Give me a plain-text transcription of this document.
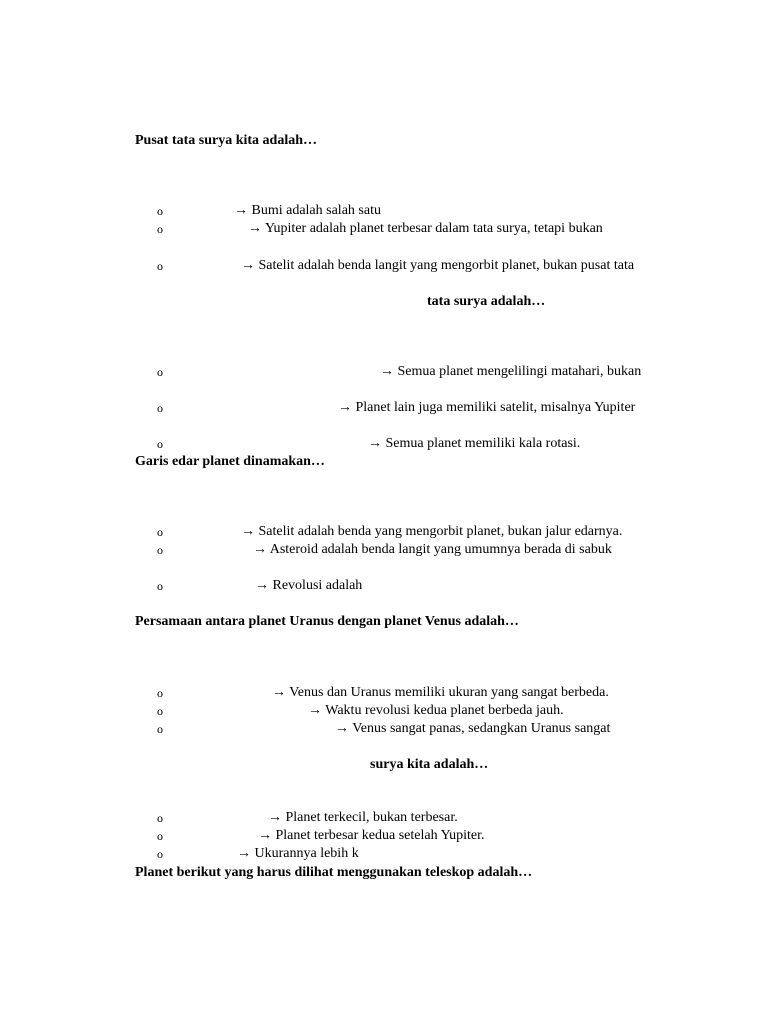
Pusat tata surya kita adalah…
o	→ Bumi adalah salah satu
o	→ Yupiter adalah planet terbesar dalam tata surya, tetapi bukan
o	→ Satelit adalah benda langit yang mengorbit planet, bukan pusat tata
tata surya adalah…
o	→ Semua planet mengelilingi matahari, bukan
o	→ Planet lain juga memiliki satelit, misalnya Yupiter
o	→ Semua planet memiliki kala rotasi.
Garis edar planet dinamakan…
o	→ Satelit adalah benda yang mengorbit planet, bukan jalur edarnya.
o	→ Asteroid adalah benda langit yang umumnya berada di sabuk
o	→ Revolusi adalah
Persamaan antara planet Uranus dengan planet Venus adalah…
o	→ Venus dan Uranus memiliki ukuran yang sangat berbeda.
o	→ Waktu revolusi kedua planet berbeda jauh.
o	→ Venus sangat panas, sedangkan Uranus sangat
surya kita adalah…
o	→ Planet terkecil, bukan terbesar.
o	→ Planet terbesar kedua setelah Yupiter.
o	→ Ukurannya lebih k
Planet berikut yang harus dilihat menggunakan teleskop adalah…
